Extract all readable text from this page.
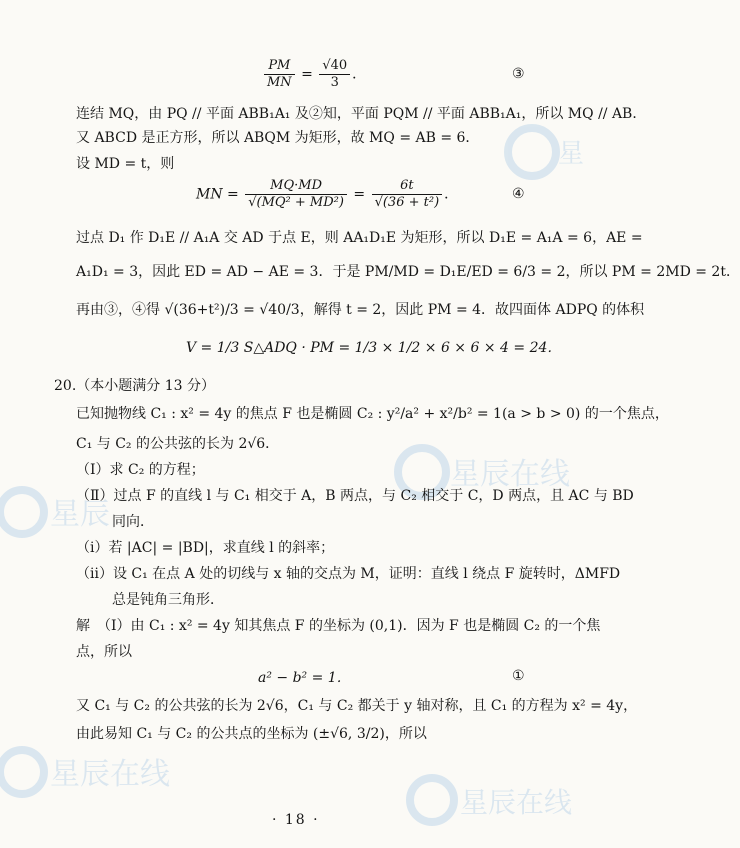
星
星辰在线
星辰
星辰在线
星辰在线
$\frac{PM}{MN} = \frac{√40}{3}$ ．	③
连结 MQ，由 PQ // 平面 ABB₁A₁ 及②知，平面 PQM // 平面 ABB₁A₁，所以 MQ // AB．
又 ABCD 是正方形，所以 ABQM 为矩形，故 MQ = AB = 6．
设 MD = t，则
MN = $\frac{MQ\cdot MD}{\text{√(MQ² + MD²)}} = \frac{6t}{\text{√(36 + t²)}}$ ．	④
过点 D₁ 作 D₁E // A₁A 交 AD 于点 E，则 AA₁D₁E 为矩形，所以 D₁E = A₁A = 6，AE =
A₁D₁ = 3，因此 ED = AD − AE = 3．于是 PM/MD = D₁E/ED = 6/3 = 2，所以 PM = 2MD = 2t．
再由③，④得 √(36+t²)/3 = √40/3，解得 t = 2，因此 PM = 4．故四面体 ADPQ 的体积
V = 1/3 S△ADQ · PM = 1/3 × 1/2 × 6 × 6 × 4 = 24．
20.（本小题满分 13 分）
已知抛物线 C₁ : x² = 4y 的焦点 F 也是椭圆 C₂ : y²/a² + x²/b² = 1(a > b > 0) 的一个焦点，
C₁ 与 C₂ 的公共弦的长为 2√6．
（Ⅰ）求 C₂ 的方程；
（Ⅱ）过点 F 的直线 l 与 C₁ 相交于 A，B 两点，与 C₂ 相交于 C，D 两点，且 AC 与 BD
同向．
（ⅰ）若 |AC| = |BD|，求直线 l 的斜率；
（ⅱ）设 C₁ 在点 A 处的切线与 x 轴的交点为 M，证明：直线 l 绕点 F 旋转时，ΔMFD
总是钝角三角形．
解　（Ⅰ）由 C₁ : x² = 4y 知其焦点 F 的坐标为 (0,1)．因为 F 也是椭圆 C₂ 的一个焦
点，所以
a² − b² = 1．	①
又 C₁ 与 C₂ 的公共弦的长为 2√6，C₁ 与 C₂ 都关于 y 轴对称，且 C₁ 的方程为 x² = 4y，
由此易知 C₁ 与 C₂ 的公共点的坐标为 (±√6, 3/2)，所以
· 18 ·
